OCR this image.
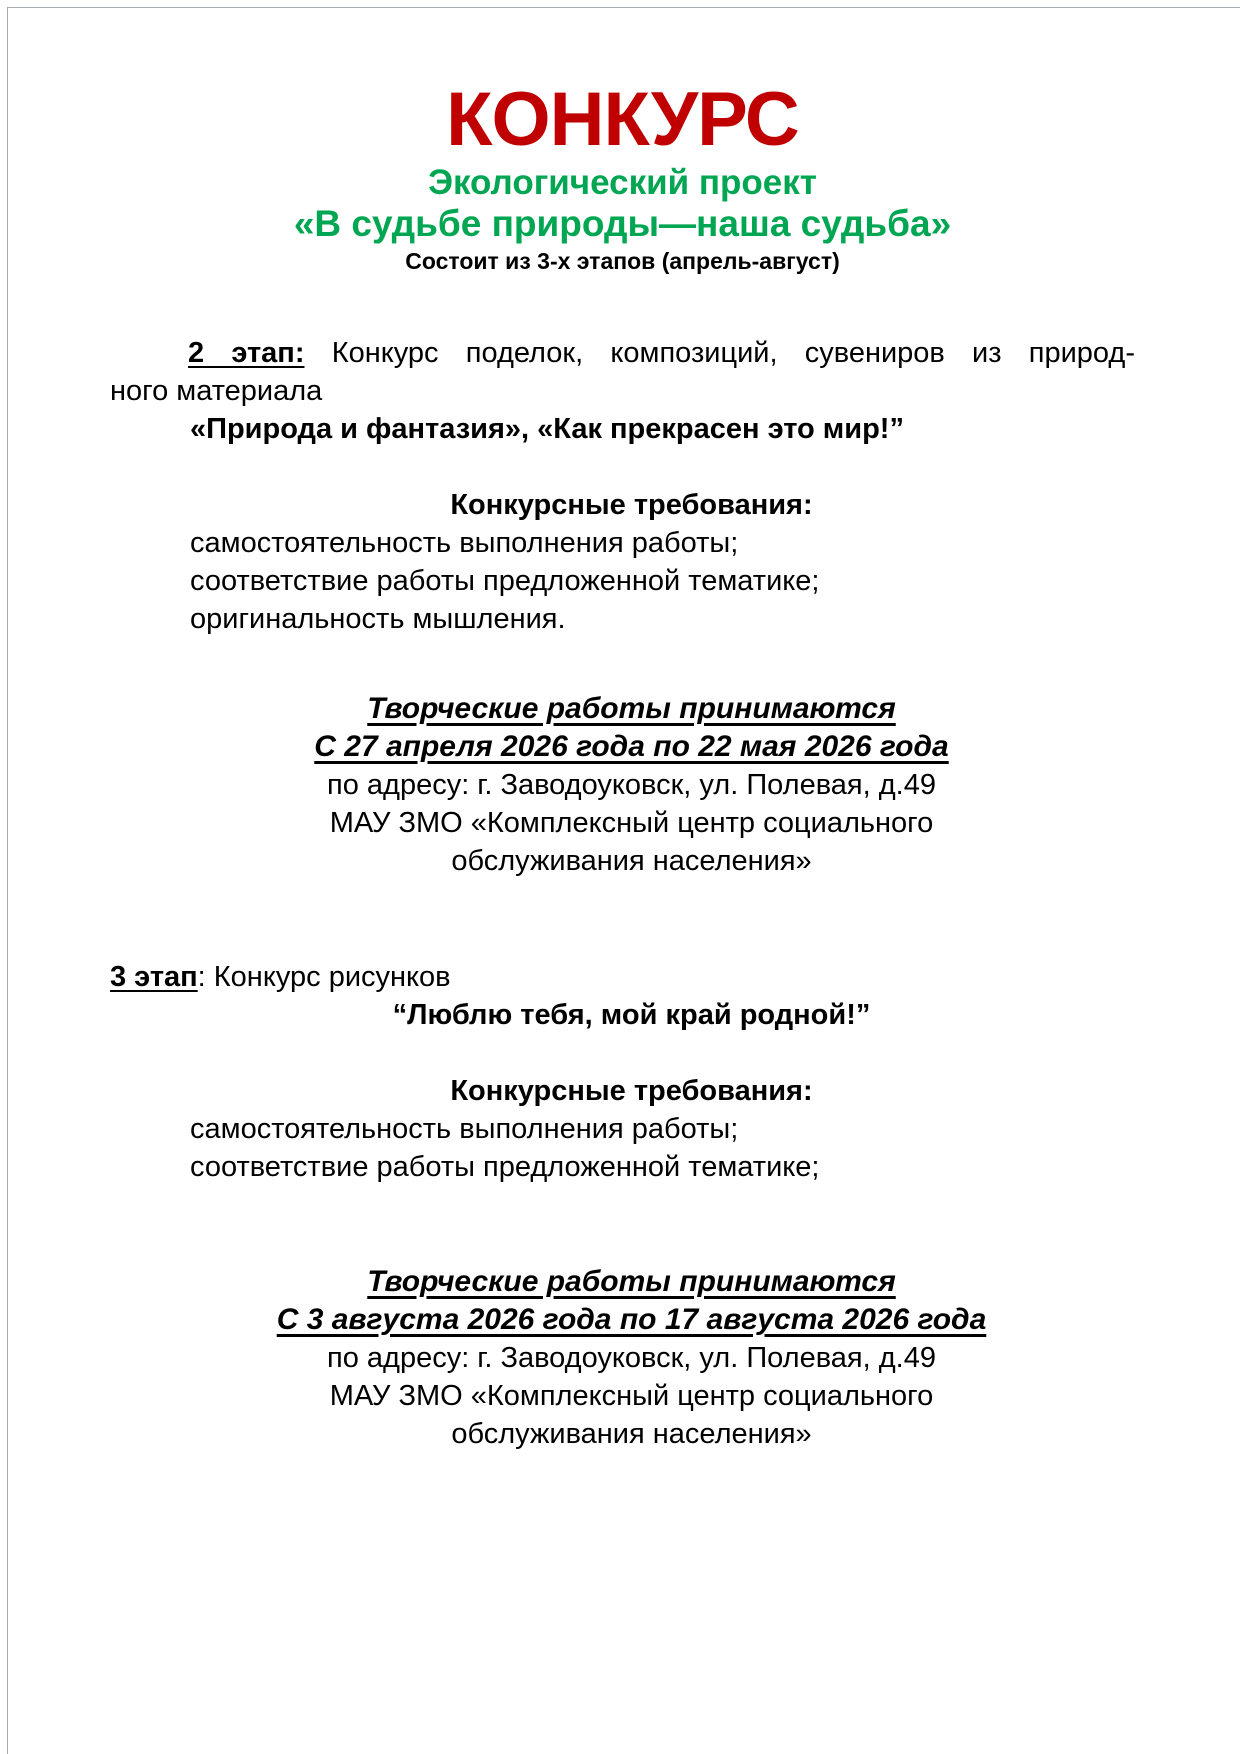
КОНКУРС
Экологический проект
«В судьбе природы—наша судьба»
Состоит из 3-х этапов (апрель-август)

2 этап: Конкурс поделок, композиций, сувениров из природ-

ного материала

«Природа и фантазия», «Как прекрасен это мир!”

Конкурсные требования:

самостоятельность выполнения работы;

соответствие работы предложенной тематике;

оригинальность мышления.

Творческие работы принимаются

С 27 апреля 2026 года по 22 мая 2026 года

по адресу: г. Заводоуковск, ул. Полевая, д.49

МАУ ЗМО «Комплексный центр социального

обслуживания населения»

3 этап: Конкурс рисунков

“Люблю тебя, мой край родной!”

Конкурсные требования:

самостоятельность выполнения работы;

соответствие работы предложенной тематике;

Творческие работы принимаются

С 3 августа 2026 года по 17 августа 2026 года

по адресу: г. Заводоуковск, ул. Полевая, д.49

МАУ ЗМО «Комплексный центр социального

обслуживания населения»
